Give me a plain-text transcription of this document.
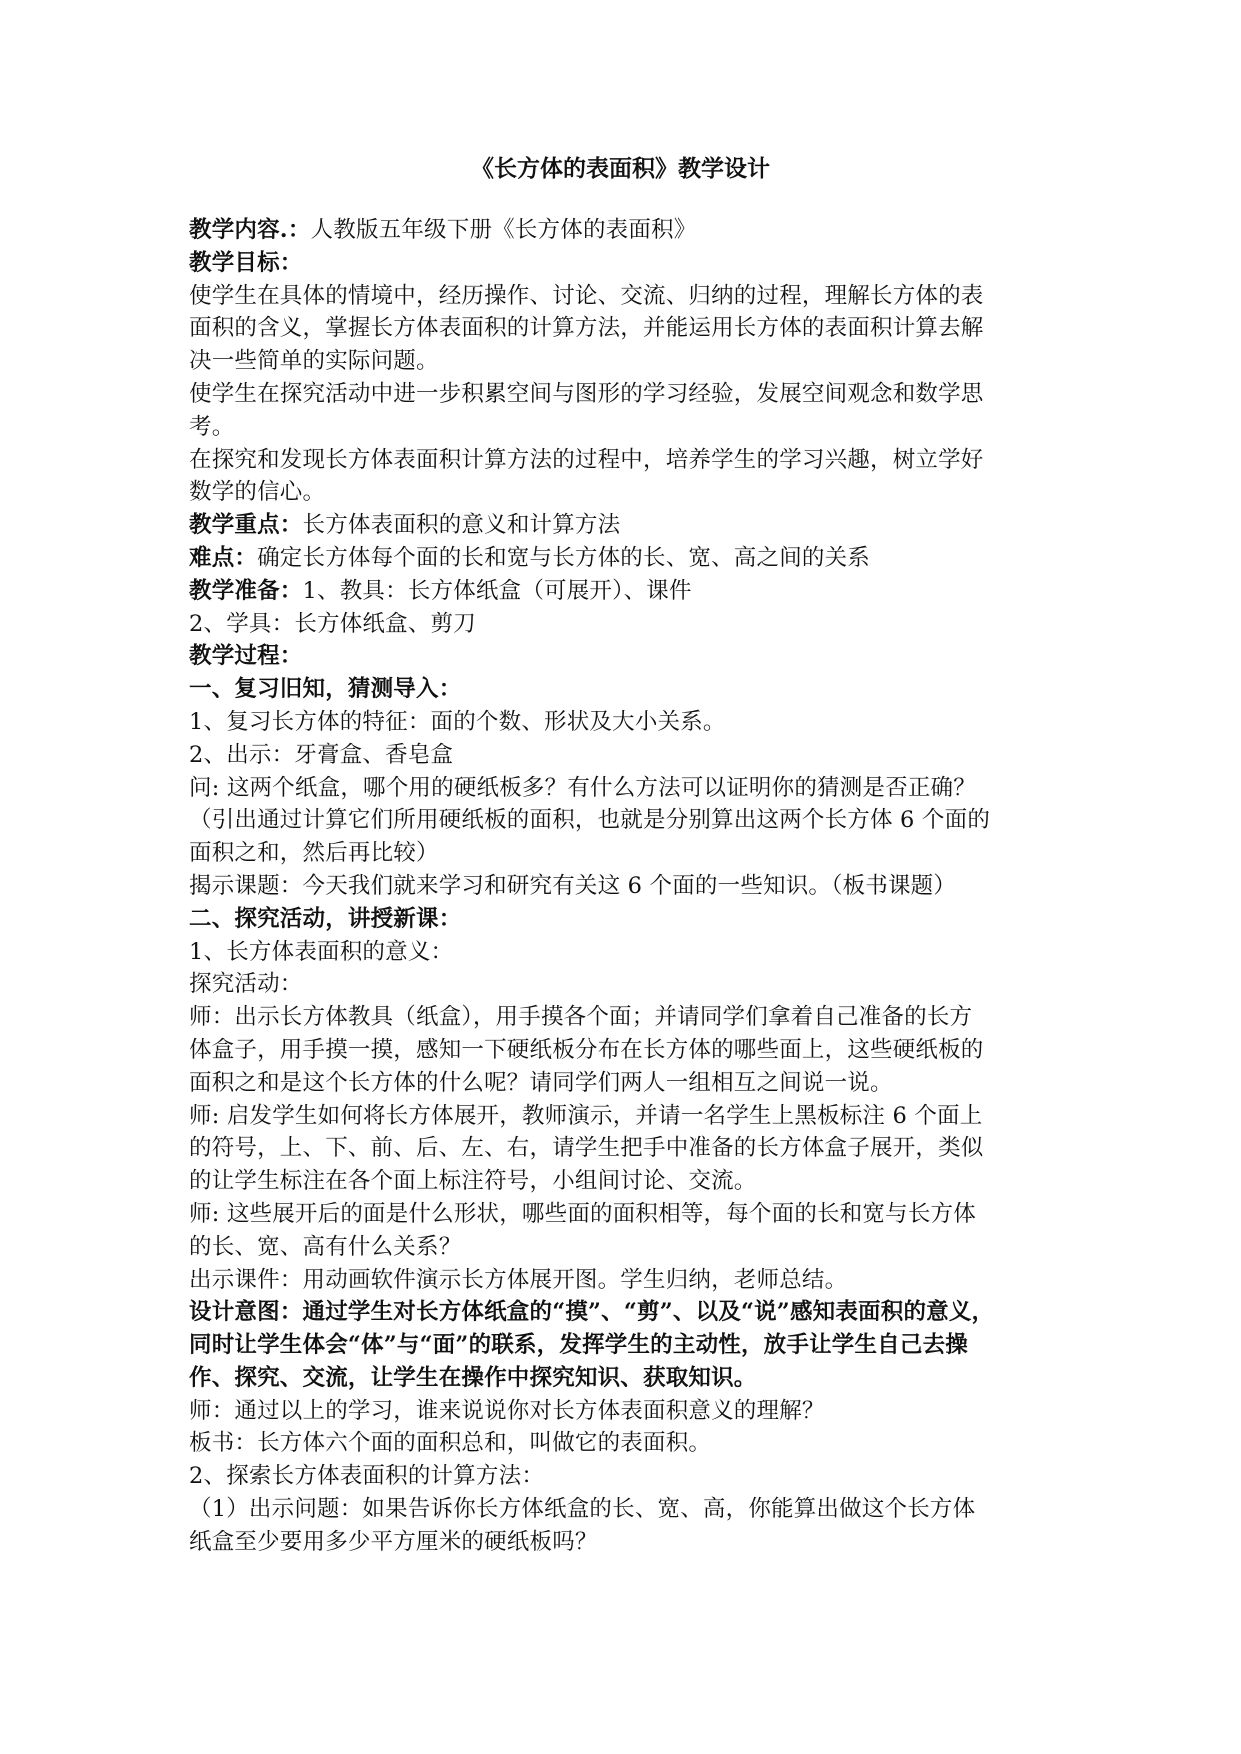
《长方体的表面积》教学设计
教学内容.：人教版五年级下册《长方体的表面积》
教学目标：
使学生在具体的情境中，经历操作、讨论、交流、归纳的过程，理解长方体的表
面积的含义，掌握长方体表面积的计算方法，并能运用长方体的表面积计算去解
决一些简单的实际问题。
使学生在探究活动中进一步积累空间与图形的学习经验，发展空间观念和数学思
考。
在探究和发现长方体表面积计算方法的过程中，培养学生的学习兴趣，树立学好
数学的信心。
教学重点：长方体表面积的意义和计算方法
难点：确定长方体每个面的长和宽与长方体的长、宽、高之间的关系
教学准备：1、教具：长方体纸盒（可展开）、课件
2、学具：长方体纸盒、剪刀
教学过程：
一、复习旧知，猜测导入：
1、复习长方体的特征：面的个数、形状及大小关系。
2、出示：牙膏盒、香皂盒
问: 这两个纸盒，哪个用的硬纸板多？有什么方法可以证明你的猜测是否正确？
（引出通过计算它们所用硬纸板的面积，也就是分别算出这两个长方体 6 个面的
面积之和，然后再比较）
揭示课题：今天我们就来学习和研究有关这 6 个面的一些知识。（板书课题）
二、探究活动，讲授新课：
1、长方体表面积的意义：
探究活动：
师：出示长方体教具（纸盒），用手摸各个面；并请同学们拿着自己准备的长方
体盒子，用手摸一摸，感知一下硬纸板分布在长方体的哪些面上，这些硬纸板的
面积之和是这个长方体的什么呢？请同学们两人一组相互之间说一说。
师: 启发学生如何将长方体展开，教师演示，并请一名学生上黑板标注 6 个面上
的符号，上、下、前、后、左、右，请学生把手中准备的长方体盒子展开，类似
的让学生标注在各个面上标注符号，小组间讨论、交流。
师: 这些展开后的面是什么形状，哪些面的面积相等，每个面的长和宽与长方体
的长、宽、高有什么关系？
出示课件：用动画软件演示长方体展开图。学生归纳，老师总结。
设计意图：通过学生对长方体纸盒的“摸”、“剪”、以及“说”感知表面积的意义，
同时让学生体会“体”与“面”的联系，发挥学生的主动性，放手让学生自己去操
作、探究、交流，让学生在操作中探究知识、获取知识。
师：通过以上的学习，谁来说说你对长方体表面积意义的理解？
板书：长方体六个面的面积总和，叫做它的表面积。
2、探索长方体表面积的计算方法：
（1）出示问题：如果告诉你长方体纸盒的长、宽、高，你能算出做这个长方体
纸盒至少要用多少平方厘米的硬纸板吗？
